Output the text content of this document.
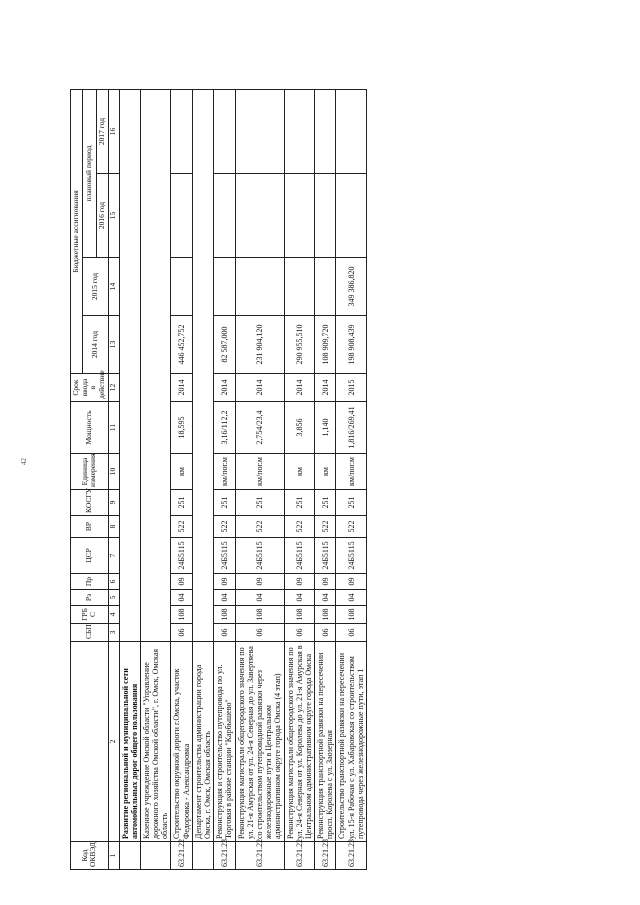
42
Код ОКВЭД		СБП	ГРБ С	Рз	Пр	ЦСР	ВР	КОСГУ	Единица измерения	Мощность	Срок ввода в действие	Бюджетные ассигнования			
												2014 год	2015 год	плановый период	
														2016 год	2017 год
1	2	3	4	5	6	7	8	9	10	11	12	13	14	15	16
	Развитие региональной и муниципальной сети автомобильных дорог общего пользования														
	Казенное учреждение Омской области "Управление дорожного хозяйства Омской области", г. Омск, Омская область														
63.21.22	Строительство окружной дороги г.Омска, участок Федоровка - Александровка	06	108	04	09	24Б5115	522	251	км	18,595	2014	446 452,752			
	Департамент строительства администрации города Омска, г. Омск, Омская область														
63.21.23	Реконструкция и строительство путепровода по ул. Торговая в районе станции "Карбышево"	06	108	04	09	24Б5115	522	251	км/пог.м	3,16/112,2	2014	82 587,000			
63.21.22	Реконструкция магистрали общегородского значения по ул. 21-я Амурская от ул. 24-я Северная до ул. Завертяева со строительством путепроводной развязки через железнодорожные пути в Центральном административном округе города Омска (4 этап)	06	108	04	09	24Б5115	522	251	км/пог.м	2,754/23,4	2014	231 904,120			
63.21.22	Реконструкция магистрали общегородского значения по ул. 24-я Северная от ул. Королева до ул. 21-я Амурская в Центральном административном округе города Омска	06	108	04	09	24Б5115	522	251	км	3,856	2014	290 955,510			
63.21.23	Реконструкция транспортной развязки на пересечении просп. Королева с ул. Заозерная	06	108	04	09	24Б5115	522	251	км	1,140	2014	108 909,720			
63.21.23	Строительство транспортной развязки на пересечении ул. 15-я Рабочая с ул. Хабаровская со строительством путепровода через железнодорожные пути, этап 1	06	108	04	09	24Б5115	522	251	км/пог.м	1,816/269,41	2015	198 908,439	349 386,820		
